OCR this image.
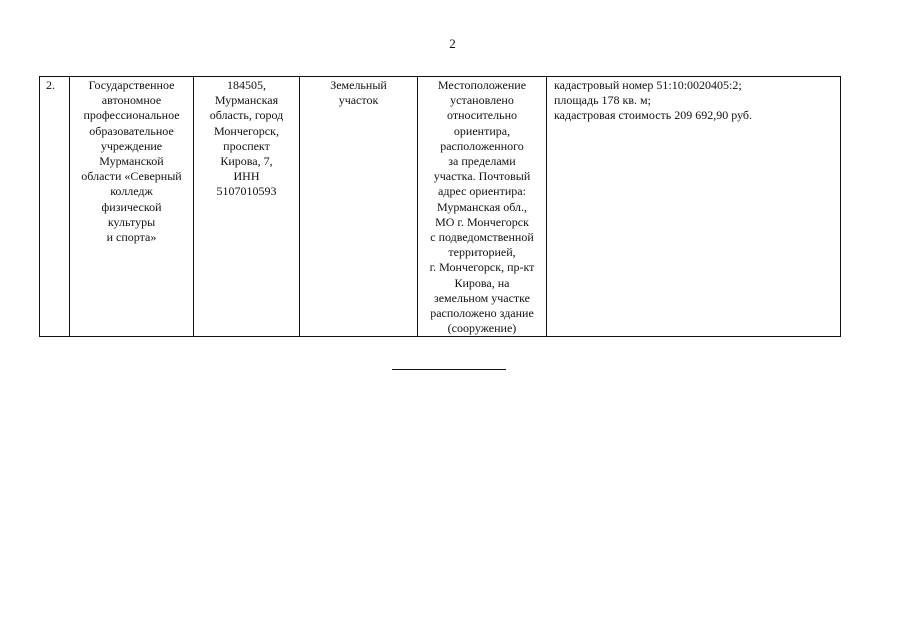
2
2.	Государственное
автономное
профессиональное
образовательное
учреждение
Мурманской
области «Северный
колледж
физической
культуры
и спорта»	184505,
Мурманская
область, город
Мончегорск,
проспект
Кирова, 7,
ИНН
5107010593	Земельный
участок	Местоположение
установлено
относительно
ориентира,
расположенного
за пределами
участка. Почтовый
адрес ориентира:
Мурманская обл.,
МО г. Мончегорск
с подведомственной
территорией,
г. Мончегорск, пр-кт
Кирова, на
земельном участке
расположено здание
(сооружение)	кадастровый номер 51:10:0020405:2;
площадь 178 кв. м;
кадастровая стоимость 209 692,90 руб.
